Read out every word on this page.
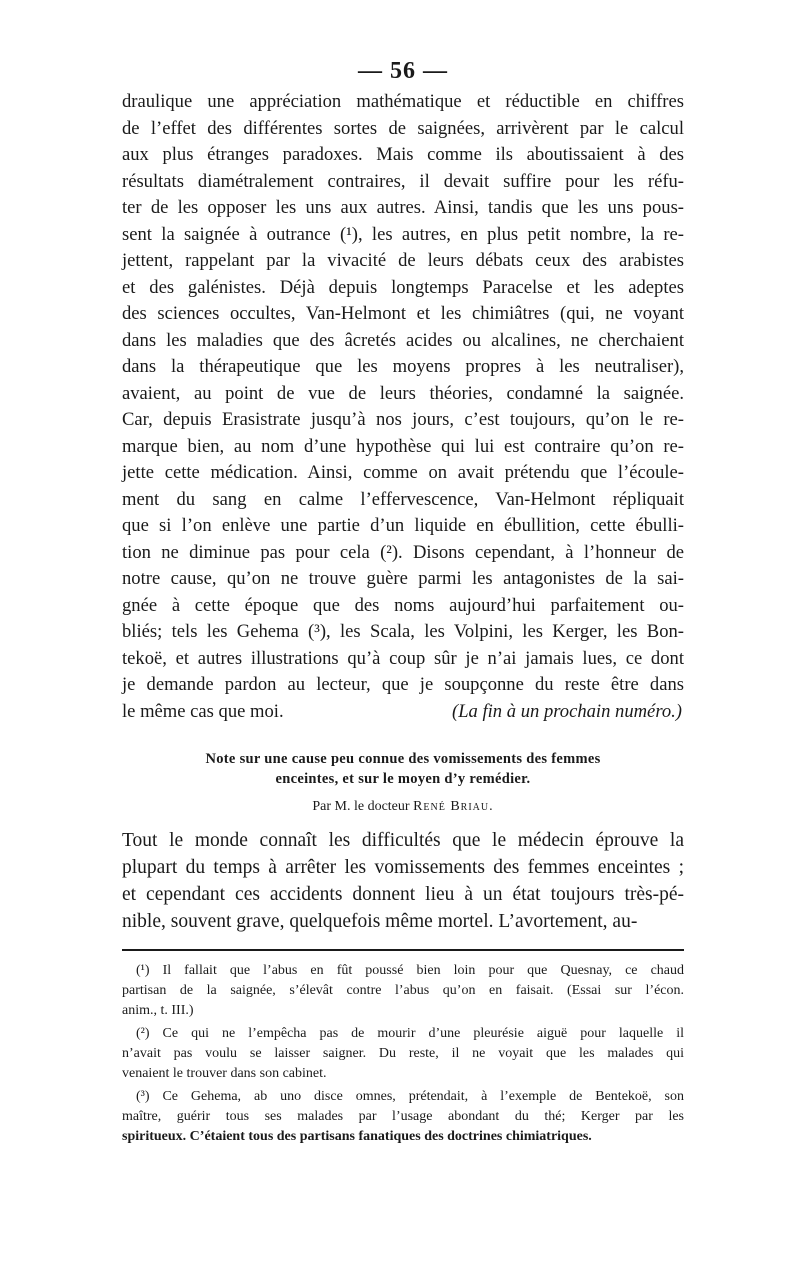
— 56 —

draulique une appréciation mathématique et réductible en chiffres
de l’effet des différentes sortes de saignées, arrivèrent par le calcul
aux plus étranges paradoxes. Mais comme ils aboutissaient à des
résultats diamétralement contraires, il devait suffire pour les réfu-
ter de les opposer les uns aux autres. Ainsi, tandis que les uns pous-
sent la saignée à outrance (¹), les autres, en plus petit nombre, la re-
jettent, rappelant par la vivacité de leurs débats ceux des arabistes
et des galénistes. Déjà depuis longtemps Paracelse et les adeptes
des sciences occultes, Van-Helmont et les chimiâtres (qui, ne voyant
dans les maladies que des âcretés acides ou alcalines, ne cherchaient
dans la thérapeutique que les moyens propres à les neutraliser),
avaient, au point de vue de leurs théories, condamné la saignée.
Car, depuis Erasistrate jusqu’à nos jours, c’est toujours, qu’on le re-
marque bien, au nom d’une hypothèse qui lui est contraire qu’on re-
jette cette médication. Ainsi, comme on avait prétendu que l’écoule-
ment du sang en calme l’effervescence, Van-Helmont répliquait
que si l’on enlève une partie d’un liquide en ébullition, cette ébulli-
tion ne diminue pas pour cela (²). Disons cependant, à l’honneur de
notre cause, qu’on ne trouve guère parmi les antagonistes de la sai-
gnée à cette époque que des noms aujourd’hui parfaitement ou-
bliés; tels les Gehema (³), les Scala, les Volpini, les Kerger, les Bon-
tekoë, et autres illustrations qu’à coup sûr je n’ai jamais lues, ce dont
je demande pardon au lecteur, que je soupçonne du reste être dans

le même cas que moi.	(La fin à un prochain numéro.)

Note sur une cause peu connue des vomissements des femmes
enceintes, et sur le moyen d’y remédier.
Par M. le docteur René Briau.
Tout le monde connaît les difficultés que le médecin éprouve la
plupart du temps à arrêter les vomissements des femmes enceintes ;
et cependant ces accidents donnent lieu à un état toujours très-pé-
nible, souvent grave, quelquefois même mortel. L’avortement, au-
(¹) Il fallait que l’abus en fût poussé bien loin pour que Quesnay, ce chaud
partisan de la saignée, s’élevât contre l’abus qu’on en faisait. (Essai sur l’écon.
anim., t. III.)
(²) Ce qui ne l’empêcha pas de mourir d’une pleurésie aiguë pour laquelle il
n’avait pas voulu se laisser saigner. Du reste, il ne voyait que les malades qui
venaient le trouver dans son cabinet.
(³) Ce Gehema, ab uno disce omnes, prétendait, à l’exemple de Bentekoë, son
maître, guérir tous ses malades par l’usage abondant du thé; Kerger par les
spiritueux. C’étaient tous des partisans fanatiques des doctrines chimiatriques.
